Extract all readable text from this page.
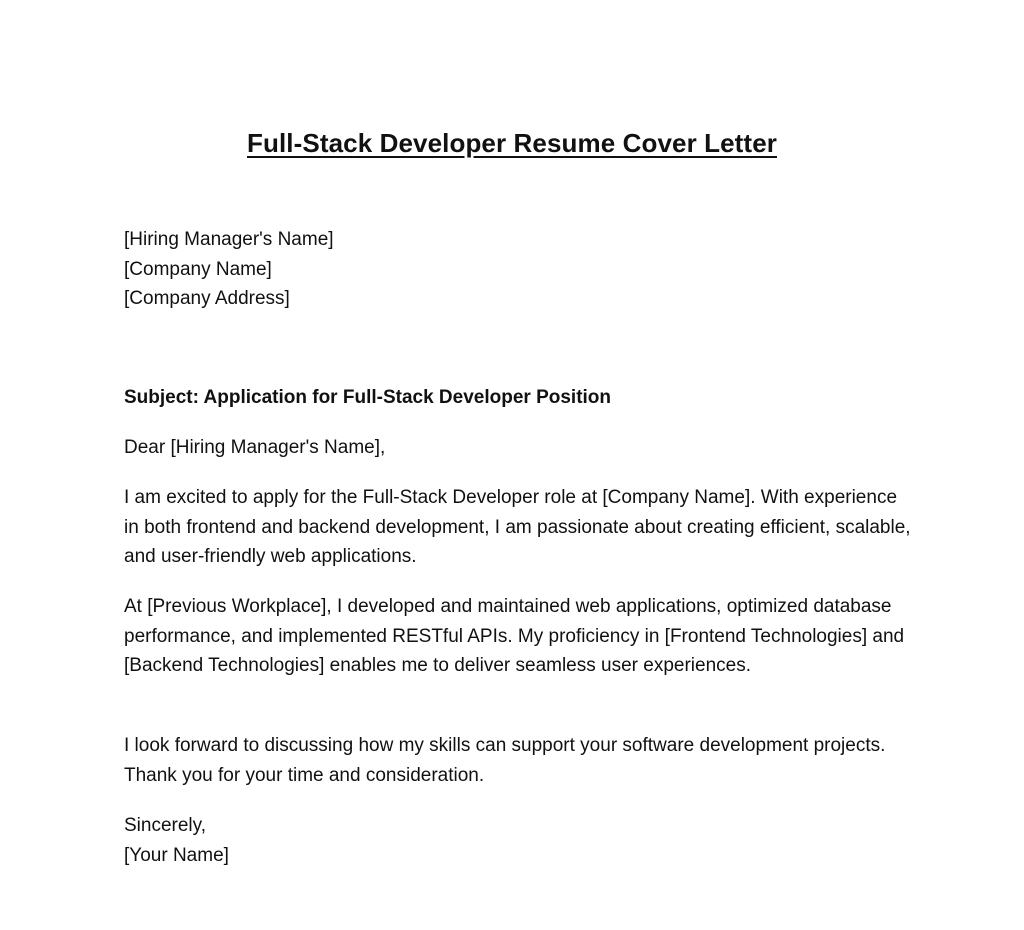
Full-Stack Developer Resume Cover Letter
[Hiring Manager's Name]
[Company Name]
[Company Address]
Subject: Application for Full-Stack Developer Position
Dear [Hiring Manager's Name],

I am excited to apply for the Full-Stack Developer role at [Company Name]. With experience in both frontend and backend development, I am passionate about creating efficient, scalable, and user-friendly web applications.

At [Previous Workplace], I developed and maintained web applications, optimized database performance, and implemented RESTful APIs. My proficiency in [Frontend Technologies] and [Backend Technologies] enables me to deliver seamless user experiences.

I look forward to discussing how my skills can support your software development projects. Thank you for your time and consideration.

Sincerely,
[Your Name]
